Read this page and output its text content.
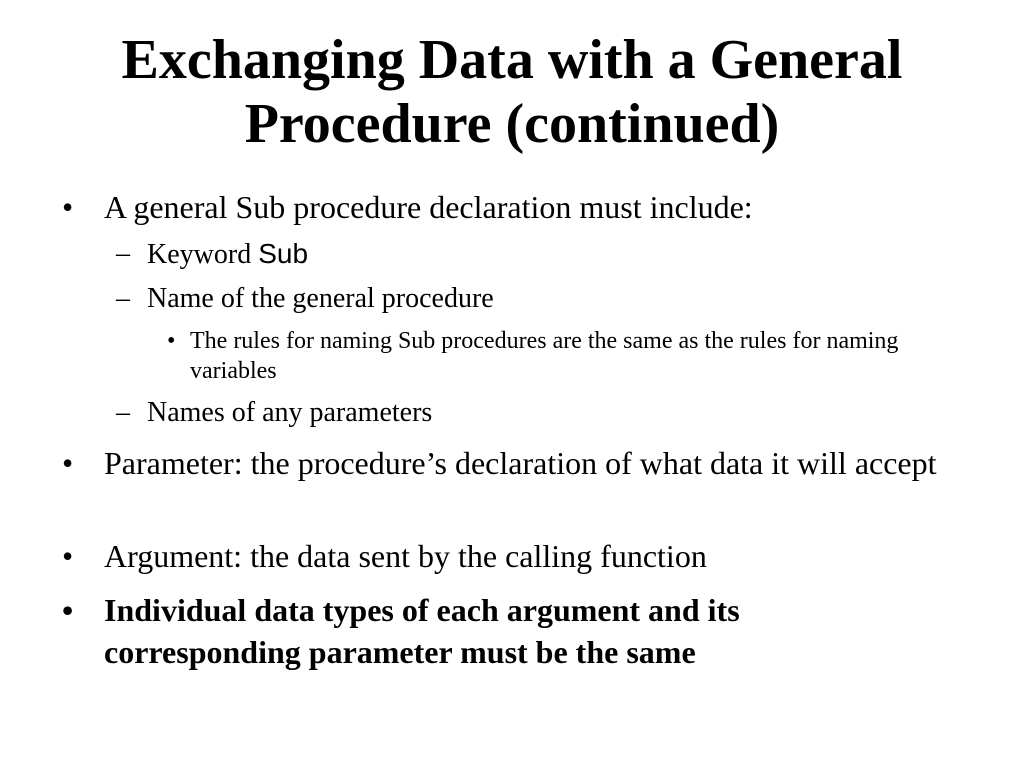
Exchanging Data with a General
Procedure (continued)
• A general Sub procedure declaration must include:
– Keyword Sub
– Name of the general procedure
• The rules for naming Sub procedures are the same as the rules for naming variables
– Names of any parameters
• Parameter: the procedure’s declaration of what data it will accept
• Argument: the data sent by the calling function
• Individual data types of each argument and its corresponding parameter must be the same
